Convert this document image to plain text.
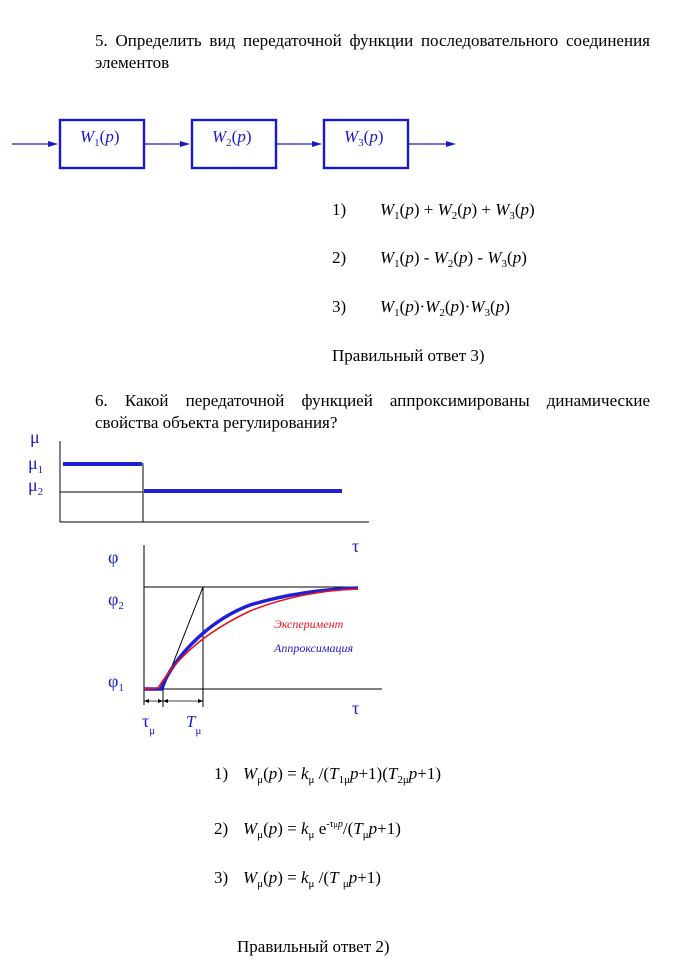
5. Определить вид передаточной функции последовательного соединения элементов
$W_1(p)$	$W_2(p)$	$W_3(p)$
1) $W_1(p) + W_2(p) + W_3(p)$
2) $W_1(p) - W_2(p) - W_3(p)$
3) $W_1(p)\cdot W_2(p)\cdot W_3(p)$
Правильный ответ 3)
6. Какой передаточной функцией аппроксимированы динамические свойства объекта регулирования?
μ
$\mu_1$
$\mu_2$
φ
$\varphi_2$
$\varphi_1$
Эксперимент
Аппроксимация
$\tau_\mu$ $T_\mu$
τ
τ
1) $W_\mu(p) = k_\mu$ $/(T_{1\mu}p+1)(T_{2\mu}p+1)$
2) $W_\mu(p) = k_\mu$ $e^{-\tau\mu p}/(T_\mu p+1)$
3) $W_\mu(p) = k_\mu$ /(T $_\mu$p+1)
Правильный ответ 2)
